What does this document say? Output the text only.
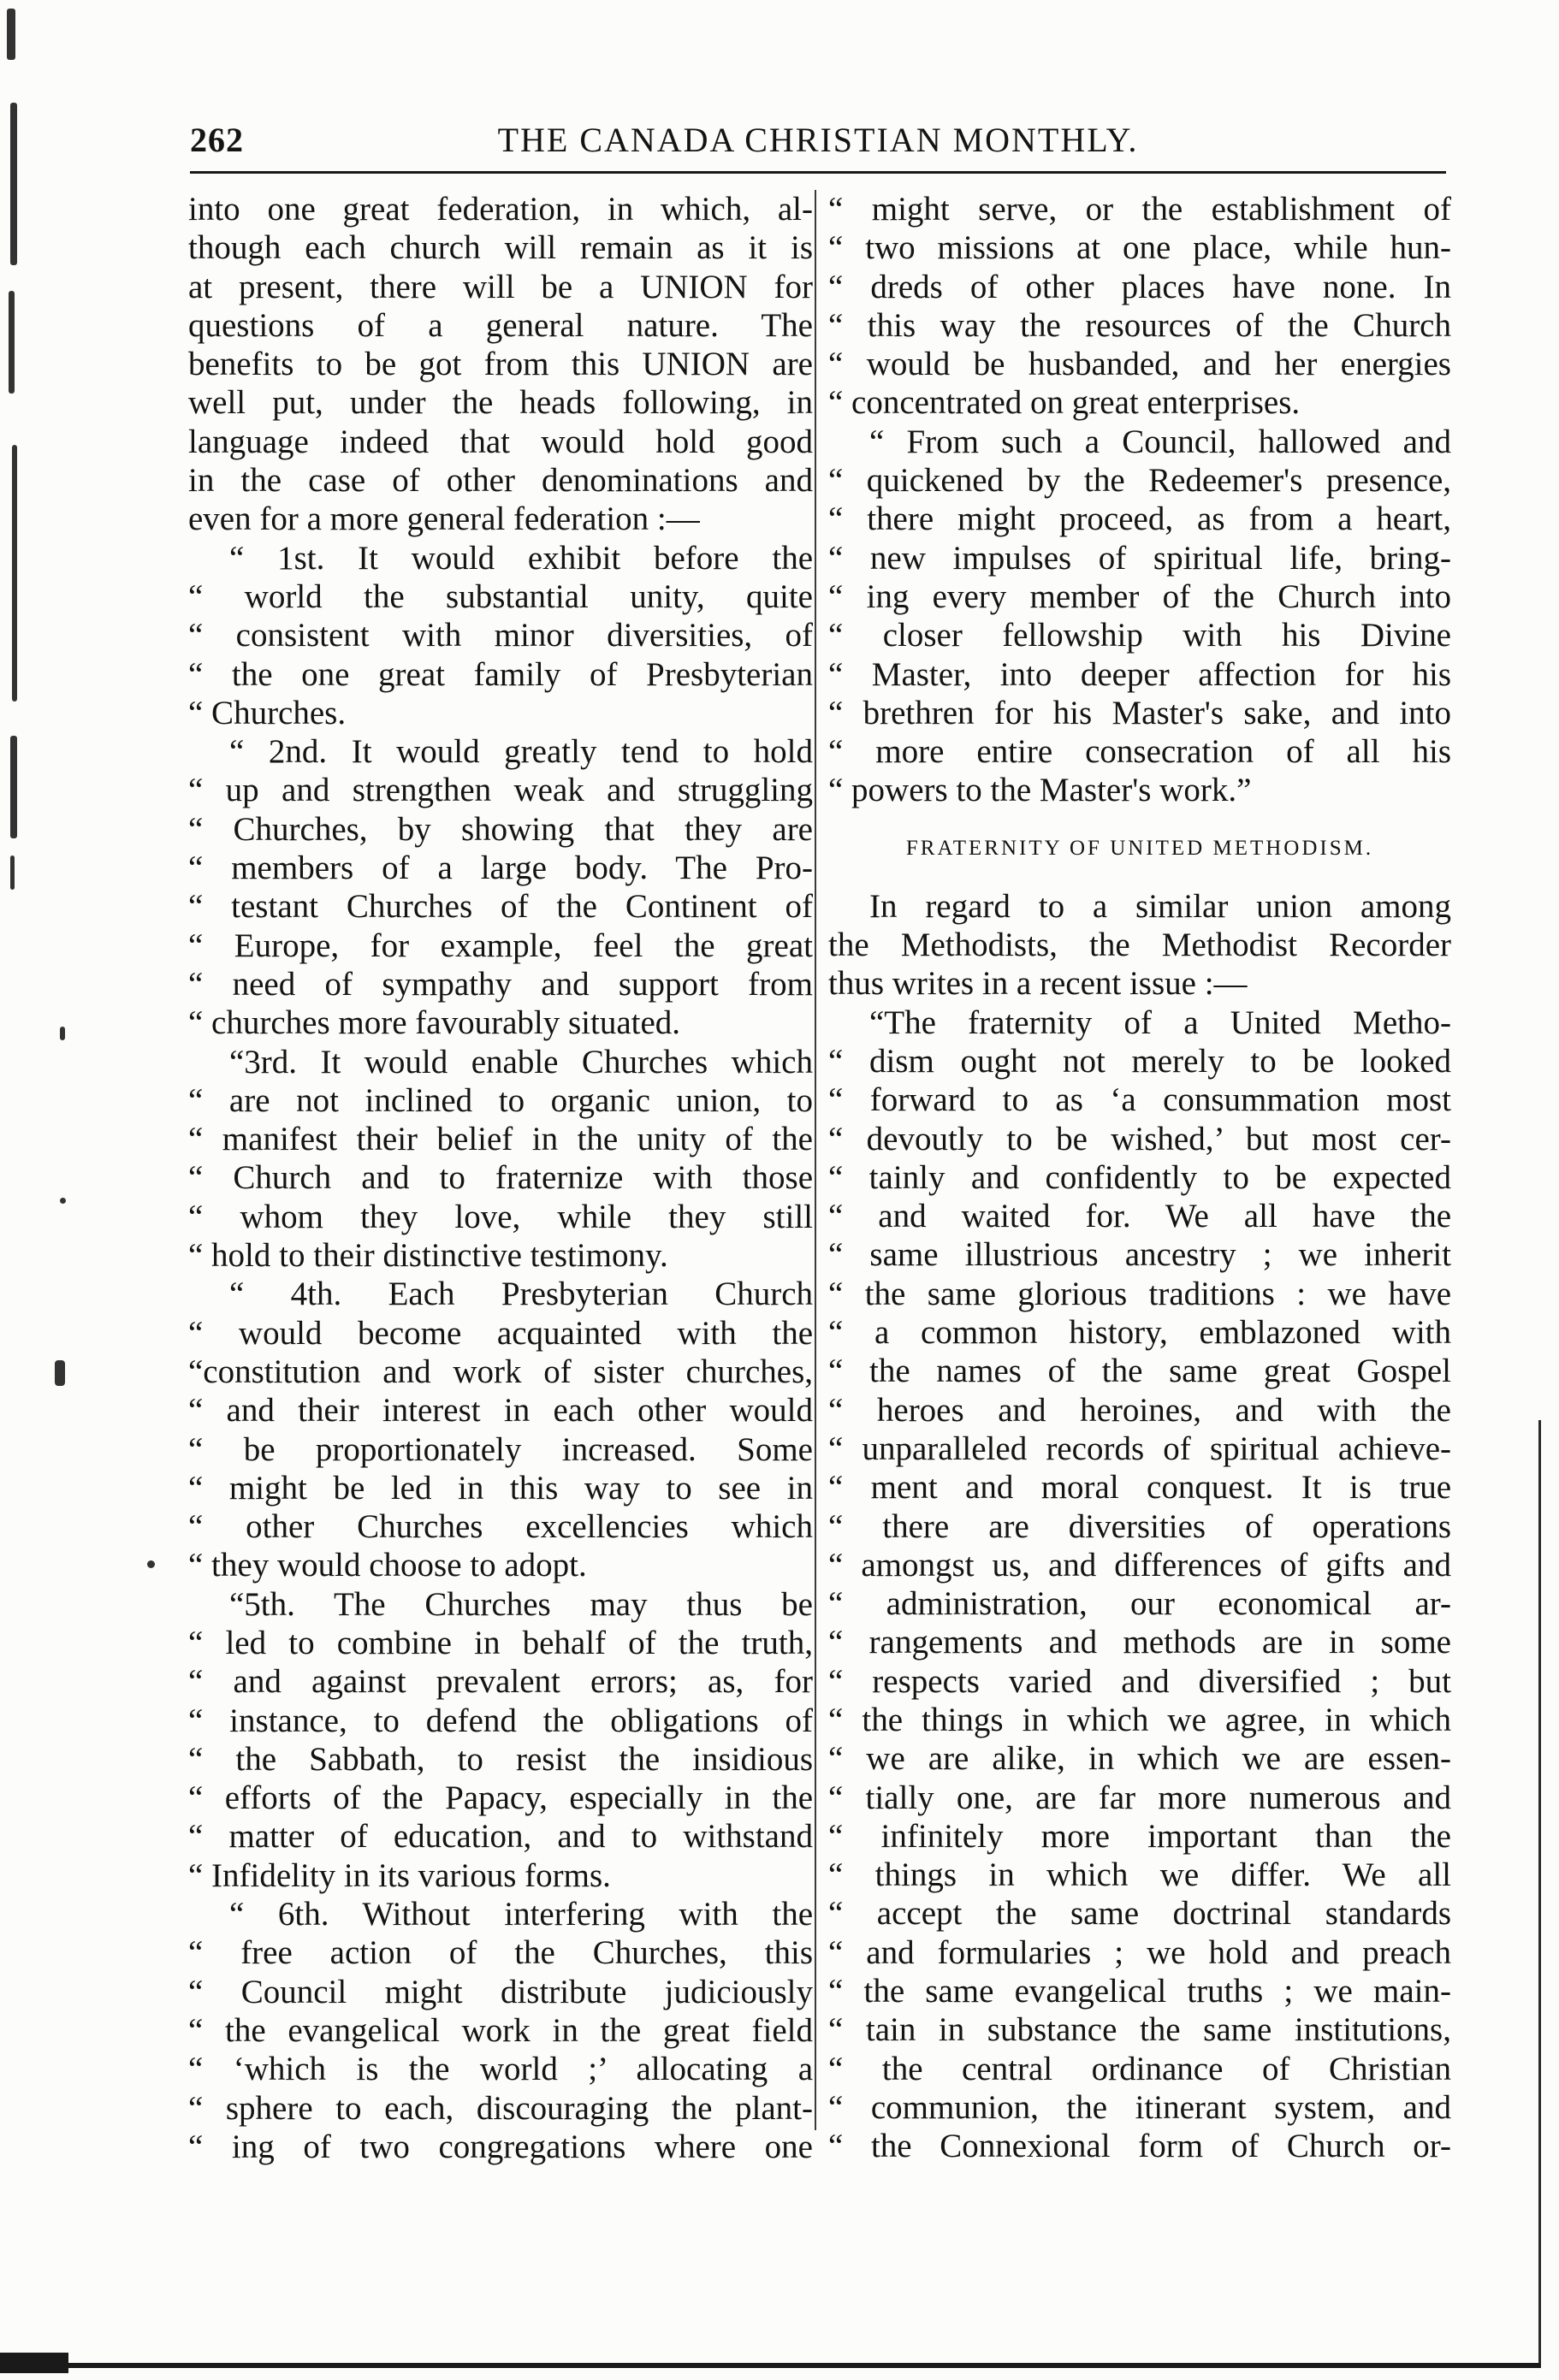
262	THE CANADA CHRISTIAN MONTHLY.
into one great federation, in which, al-
though each church will remain as it is
at present, there will be a UNION for
questions of a general nature. The
benefits to be got from this UNION are
well put, under the heads following, in
language indeed that would hold good
in the case of other denominations and
even for a more general federation :—
“ 1st. It would exhibit before the
“ world the substantial unity, quite
“ consistent with minor diversities, of
“ the one great family of Presbyterian
“ Churches.
“ 2nd. It would greatly tend to hold
“ up and strengthen weak and struggling
“ Churches, by showing that they are
“ members of a large body. The Pro-
“ testant Churches of the Continent of
“ Europe, for example, feel the great
“ need of sympathy and support from
“ churches more favourably situated.
“3rd. It would enable Churches which
“ are not inclined to organic union, to
“ manifest their belief in the unity of the
“ Church and to fraternize with those
“ whom they love, while they still
“ hold to their distinctive testimony.
“ 4th. Each Presbyterian Church
“ would become acquainted with the
“constitution and work of sister churches,
“ and their interest in each other would
“ be proportionately increased. Some
“ might be led in this way to see in
“ other Churches excellencies which
“ they would choose to adopt.
“5th. The Churches may thus be
“ led to combine in behalf of the truth,
“ and against prevalent errors; as, for
“ instance, to defend the obligations of
“ the Sabbath, to resist the insidious
“ efforts of the Papacy, especially in the
“ matter of education, and to withstand
“ Infidelity in its various forms.
“ 6th. Without interfering with the
“ free action of the Churches, this
“ Council might distribute judiciously
“ the evangelical work in the great field
“ ‘which is the world ;’ allocating a
“ sphere to each, discouraging the plant-
“ ing of two congregations where one
“ might serve, or the establishment of
“ two missions at one place, while hun-
“ dreds of other places have none. In
“ this way the resources of the Church
“ would be husbanded, and her energies
“ concentrated on great enterprises.
“ From such a Council, hallowed and
“ quickened by the Redeemer's presence,
“ there might proceed, as from a heart,
“ new impulses of spiritual life, bring-
“ ing every member of the Church into
“ closer fellowship with his Divine
“ Master, into deeper affection for his
“ brethren for his Master's sake, and into
“ more entire consecration of all his
“ powers to the Master's work.”
FRATERNITY OF UNITED METHODISM.
In regard to a similar union among
the Methodists, the Methodist Recorder
thus writes in a recent issue :—
“The fraternity of a United Metho-
“ dism ought not merely to be looked
“ forward to as ‘a consummation most
“ devoutly to be wished,’ but most cer-
“ tainly and confidently to be expected
“ and waited for. We all have the
“ same illustrious ancestry ; we inherit
“ the same glorious traditions : we have
“ a common history, emblazoned with
“ the names of the same great Gospel
“ heroes and heroines, and with the
“ unparalleled records of spiritual achieve-
“ ment and moral conquest. It is true
“ there are diversities of operations
“ amongst us, and differences of gifts and
“ administration, our economical ar-
“ rangements and methods are in some
“ respects varied and diversified ; but
“ the things in which we agree, in which
“ we are alike, in which we are essen-
“ tially one, are far more numerous and
“ infinitely more important than the
“ things in which we differ. We all
“ accept the same doctrinal standards
“ and formularies ; we hold and preach
“ the same evangelical truths ; we main-
“ tain in substance the same institutions,
“ the central ordinance of Christian
“ communion, the itinerant system, and
“ the Connexional form of Church or-
